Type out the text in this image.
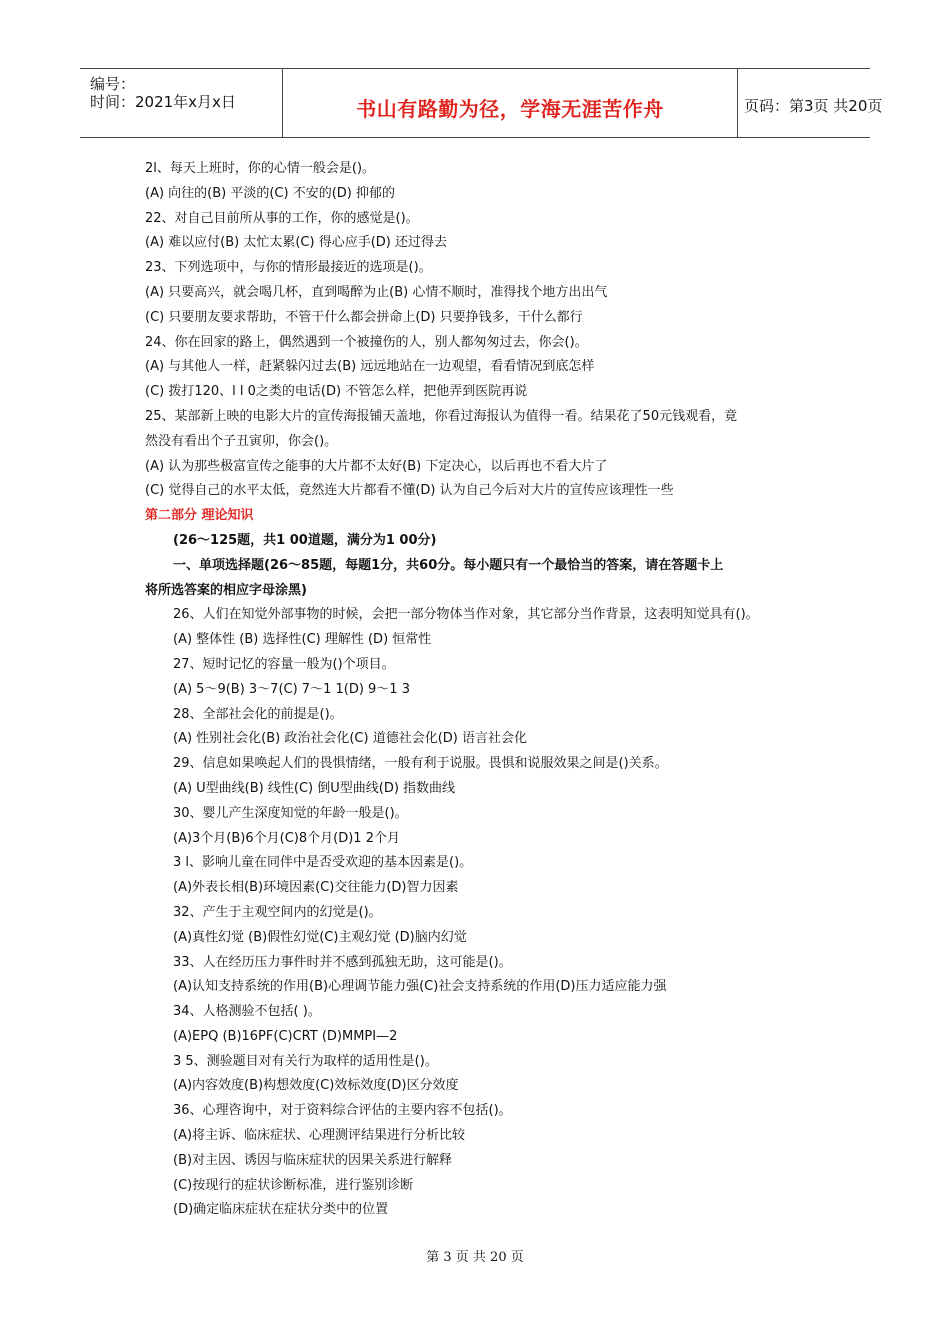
编号：
时间：2021年x月x日	书山有路勤为径，学海无涯苦作舟	页码：第3页 共20页
2l、每天上班时，你的心情一般会是()。
(A) 向往的(B) 平淡的(C) 不安的(D) 抑郁的
22、对自己目前所从事的工作，你的感觉是()。
(A) 难以应付(B) 太忙太累(C) 得心应手(D) 还过得去
23、下列选项中，与你的情形最接近的选项是()。
(A) 只要高兴，就会喝几杯，直到喝醉为止(B) 心情不顺时，准得找个地方出出气
(C) 只要朋友要求帮助，不管干什么都会拼命上(D) 只要挣钱多，干什么都行
24、你在回家的路上，偶然遇到一个被撞伤的人，别人都匆匆过去，你会()。
(A) 与其他人一样，赶紧躲闪过去(B) 远远地站在一边观望，看看情况到底怎样
(C) 拨打120、l l 0之类的电话(D) 不管怎么样，把他弄到医院再说
25、某部新上映的电影大片的宣传海报铺天盖地，你看过海报认为值得一看。结果花了50元钱观看，竟
然没有看出个子丑寅卯，你会()。
(A) 认为那些极富宣传之能事的大片都不太好(B) 下定决心，以后再也不看大片了
(C) 觉得自己的水平太低，竟然连大片都看不懂(D) 认为自己今后对大片的宣传应该理性一些
第二部分 理论知识
(26～125题，共1 00道题，满分为1 00分)
一、单项选择题(26～85题，每题1分，共60分。每小题只有一个最恰当的答案，请在答题卡上
将所选答案的相应字母涂黑)
26、人们在知觉外部事物的时候，会把一部分物体当作对象，其它部分当作背景，这表明知觉具有()。
(A) 整体性 (B) 选择性(C) 理解性 (D) 恒常性
27、短时记忆的容量一般为()个项目。
(A) 5～9(B) 3～7(C) 7～1 1(D) 9～1 3
28、全部社会化的前提是()。
(A) 性别社会化(B) 政治社会化(C) 道德社会化(D) 语言社会化
29、信息如果唤起人们的畏惧情绪，一般有利于说服。畏惧和说服效果之间是()关系。
(A) U型曲线(B) 线性(C) 倒U型曲线(D) 指数曲线
30、婴儿产生深度知觉的年龄一般是()。
(A)3个月(B)6个月(C)8个月(D)1 2个月
3 l、影响儿童在同伴中是否受欢迎的基本因素是()。
(A)外表长相(B)环境因素(C)交往能力(D)智力因素
32、产生于主观空间内的幻觉是()。
(A)真性幻觉 (B)假性幻觉(C)主观幻觉 (D)脑内幻觉
33、人在经历压力事件时并不感到孤独无助，这可能是()。
(A)认知支持系统的作用(B)心理调节能力强(C)社会支持系统的作用(D)压力适应能力强
34、人格测验不包括( )。
(A)EPQ (B)16PF(C)CRT (D)MMPI—2
3 5、测验题目对有关行为取样的适用性是()。
(A)内容效度(B)构想效度(C)效标效度(D)区分效度
36、心理咨询中，对于资料综合评估的主要内容不包括()。
(A)将主诉、临床症状、心理测评结果进行分析比较
(B)对主因、诱因与临床症状的因果关系进行解释
(C)按现行的症状诊断标准，进行鉴别诊断
(D)确定临床症状在症状分类中的位置
第 3 页 共 20 页
